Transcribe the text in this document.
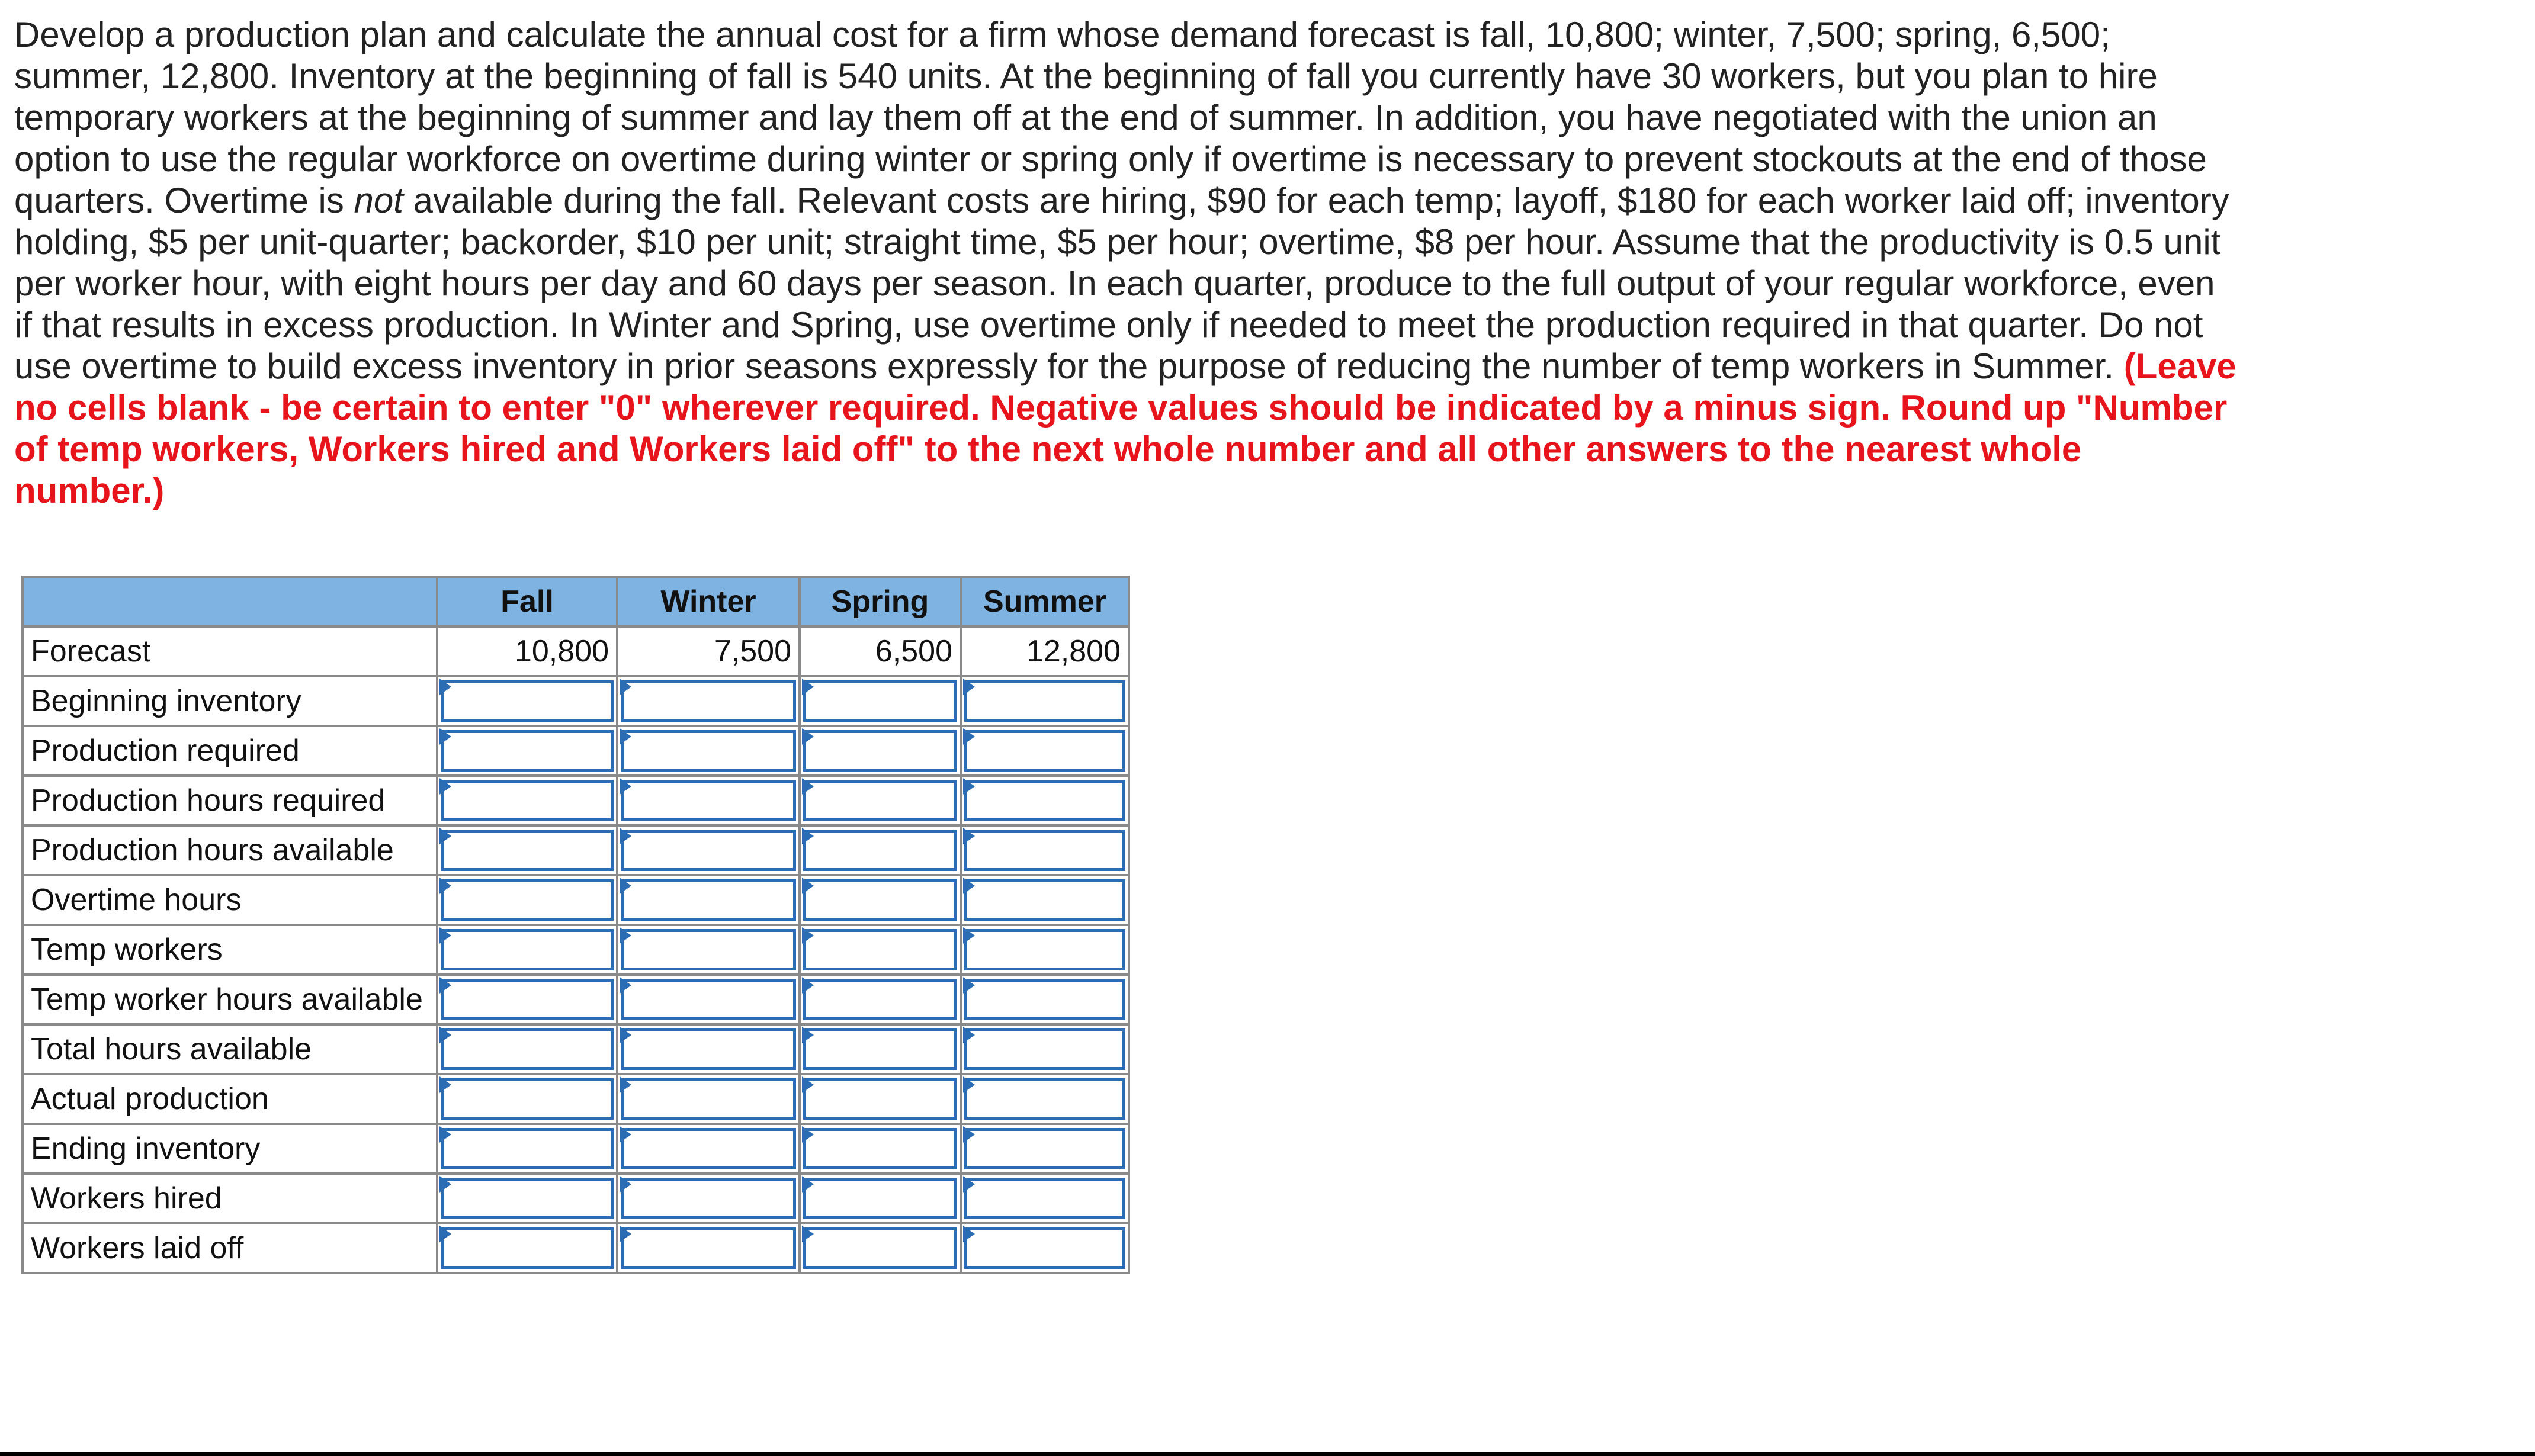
Develop a production plan and calculate the annual cost for a firm whose demand forecast is fall, 10,800; winter, 7,500; spring, 6,500; summer, 12,800. Inventory at the beginning of fall is 540 units. At the beginning of fall you currently have 30 workers, but you plan to hire temporary workers at the beginning of summer and lay them off at the end of summer. In addition, you have negotiated with the union an option to use the regular workforce on overtime during winter or spring only if overtime is necessary to prevent stockouts at the end of those quarters. Overtime is not available during the fall. Relevant costs are hiring, $90 for each temp; layoff, $180 for each worker laid off; inventory holding, $5 per unit-quarter; backorder, $10 per unit; straight time, $5 per hour; overtime, $8 per hour. Assume that the productivity is 0.5 unit per worker hour, with eight hours per day and 60 days per season. In each quarter, produce to the full output of your regular workforce, even if that results in excess production. In Winter and Spring, use overtime only if needed to meet the production required in that quarter. Do not use overtime to build excess inventory in prior seasons expressly for the purpose of reducing the number of temp workers in Summer. (Leave no cells blank - be certain to enter "0" wherever required. Negative values should be indicated by a minus sign. Round up "Number of temp workers, Workers hired and Workers laid off" to the next whole number and all other answers to the nearest whole number.)

	Fall	Winter	Spring	Summer
Forecast	10,800	7,500	6,500	12,800
Beginning inventory	

Production required	

Production hours required	

Production hours available	

Overtime hours	

Temp workers	

Temp worker hours available	

Total hours available	

Actual production	

Ending inventory	

Workers hired	

Workers laid off	
